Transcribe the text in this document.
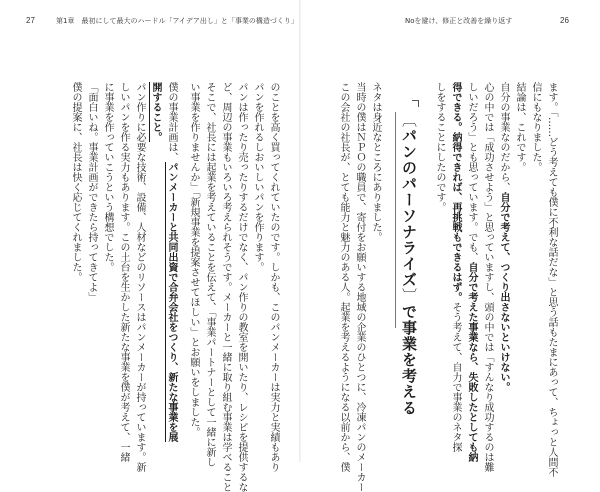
27	第1章　最初にして最大のハードル「アイデア出し」と「事業の構造づくり」	Noを避け、修正と改善を繰り返す	26
ます。「……どう考えても僕に不利な話だな」と思う話もたまにあって、ちょっと人間不
信にもなりました。
結論は、これです。
自分の事業なのだから、自分で考えて、つくり出さないといけない。
心の中では「成功させよう」と思っていますし、頭の中では「すんなり成功するのは難
しいだろう」とも思っています。でも、自分で考えた事業なら、失敗したとしても納
得できる。納得できれば、再挑戦もできるはず。そう考えて、自力で事業のネタ探
しをすることにしたのです。
〔パンのパーソナライズ〕で事業を考える
ネタは身近なところにありました。
当時の僕はＮＰＯの職員で、寄付をお願いする地域の企業のひとつに、冷凍パンのメーカー
この会社の社長が、とても能力と魅力のある人。起業を考えるようになる以前から、僕
のことを高く買ってくれていたのです。しかも、このパンメーカーは実力と実績もあり
パンを作れるしおいしいパンを作ります。
パンは作ったり売ったりするだけでなく、パン作りの教室を開いたり、レシピを提供するな
ど、周辺の事業もいろいろ考えられそうです。メーカーと一緒に取り組む事業は学べること
そこで、社長には起業を考えていることを伝えて、「事業パートナーとして一緒に新し
い事業を作りませんか」「新規事業を提案させてほしい」とお願いをしました。
僕の事業計画は、パンメーカーと共同出資で合弁会社をつくり、新たな事業を展
開すること。
パン作りに必要な技術、設備、人材などのリソースはパンメーカーが持っています。新
しいパンを作る実力もあります。この土台を生かした新たな事業を僕が考えて、一緒
に事業を作っていこうという構想でした。
「面白いね。事業計画ができたら持ってきてよ」
僕の提案に、社長は快く応じてくれました。
